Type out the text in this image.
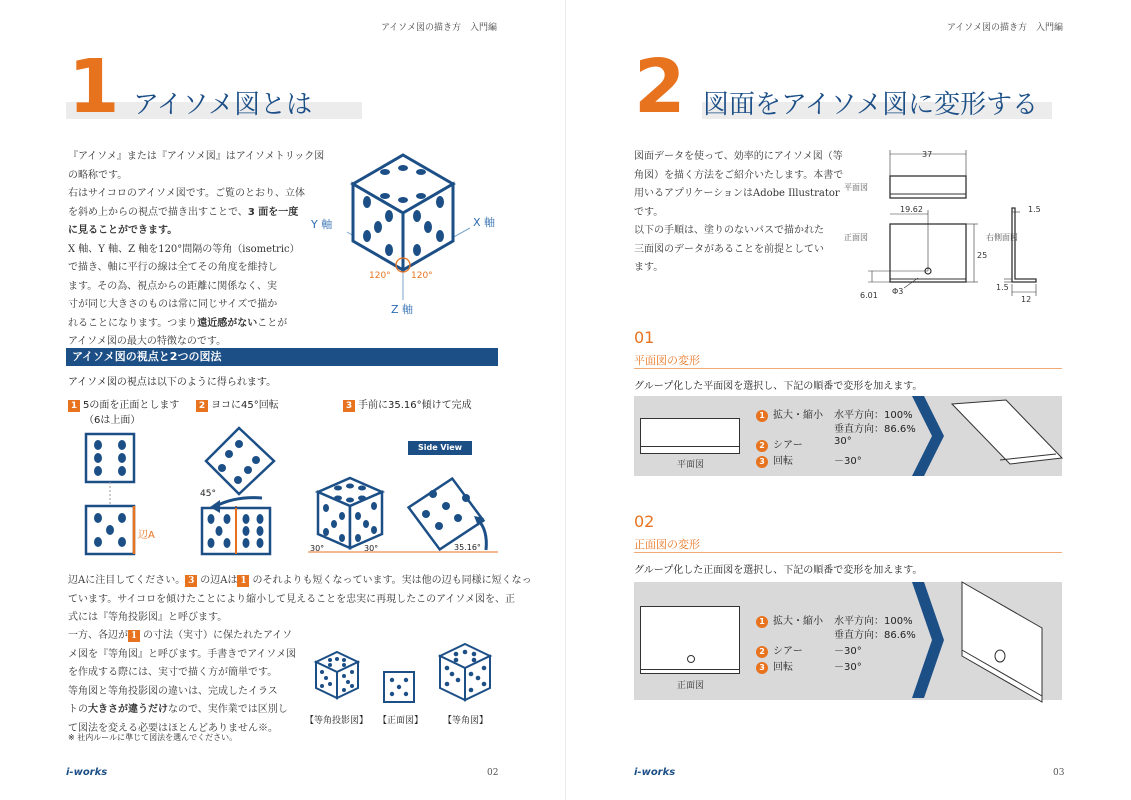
アイソメ図の描き方　入門編
1 アイソメ図とは
『アイソメ』または『アイソメ図』はアイソメトリック図
の略称です。
右はサイコロのアイソメ図です。ご覧のとおり、立体
を斜め上からの視点で描き出すことで、3 面を一度
に見ることができます。
X 軸、Y 軸、Z 軸を120°間隔の等角（isometric）
で描き、軸に平行の線は全てその角度を維持し
ます。その為、視点からの距離に関係なく、実
寸が同じ大きさのものは常に同じサイズで描か
れることになります。つまり遠近感がないことが
アイソメ図の最大の特徴なのです。
Y 軸	X 軸
Z 軸
120° 120°
アイソメ図の視点と2つの図法
アイソメ図の視点は以下のように得られます。
1 5の面を正面とします
（6は上面）
2 ヨコに45°回転	3 手前に35.16°傾けて完成
辺A
45°
Side View
30°	30°	35.16°
辺Aに注目してください。 3 の辺Aは 1 のそれよりも短くなっています。実は他の辺も同様に短くなっ
ています。サイコロを傾けたことにより縮小して見えることを忠実に再現したこのアイソメ図を、正
式には『等角投影図』と呼びます。
一方、各辺が 1 の寸法（実寸）に保たれたアイソ
メ図を『等角図』と呼びます。手書きでアイソメ図
を作成する際には、実寸で描く方が簡単です。
等角図と等角投影図の違いは、完成したイラス
トの大きさが違うだけなので、実作業では区別し
て図法を変える必要はほとんどありません※。
※ 社内ルールに準じて図法を選んでください。
【等角投影図】 【正面図】 【等角図】
i-works	02
アイソメ図の描き方　入門編
2 図面をアイソメ図に変形する
図面データを使って、効率的にアイソメ図（等
角図）を描く方法をご紹介いたします。本書で
用いるアプリケーションはAdobe Illustrator
です。
以下の手順は、塗りのないパスで描かれた
三面図のデータがあることを前提としてい
ます。
37
平面図
19.62
正面図
25
6.01 Φ3
右側面図
1.5
1.5
12
01
平面図の変形
グループ化した平面図を選択し、下記の順番で変形を加えます。
平面図
1 拡大・縮小 水平方向：100%
垂直方向：86.6%
2 シアー	30°
3 回転	－30°
02
正面図の変形
グループ化した正面図を選択し、下記の順番で変形を加えます。
正面図
1 拡大・縮小 水平方向：100%
垂直方向：86.6%
2 シアー	－30°
3 回転	－30°
i-works	03
